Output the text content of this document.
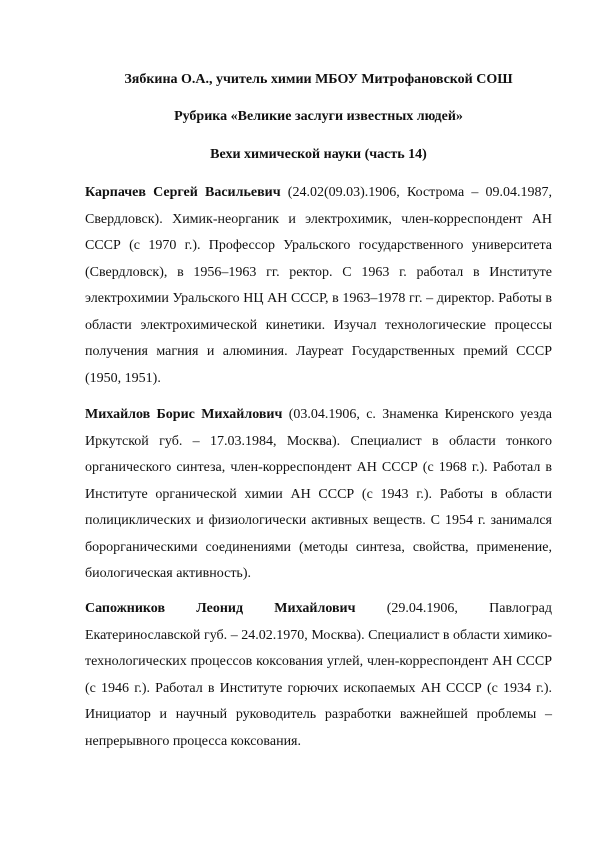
Зябкина О.А., учитель химии МБОУ Митрофановской СОШ
Рубрика «Великие заслуги известных людей»
Вехи химической науки (часть 14)
Карпачев Сергей Васильевич (24.02(09.03).1906, Кострома – 09.04.1987, Свердловск). Химик-неорганик и электрохимик, член-корреспондент АН СССР (с 1970 г.). Профессор Уральского государственного университета (Свердловск), в 1956–1963 гг. ректор. С 1963 г. работал в Институте электрохимии Уральского НЦ АН СССР, в 1963–1978 гг. – директор. Работы в области электрохимической кинетики. Изучал технологические процессы получения магния и алюминия. Лауреат Государственных премий СССР (1950, 1951).
Михайлов Борис Михайлович (03.04.1906, с. Знаменка Киренского уезда Иркутской губ. – 17.03.1984, Москва). Специалист в области тонкого органического синтеза, член-корреспондент АН СССР (с 1968 г.). Работал в Институте органической химии АН СССР (с 1943 г.). Работы в области полициклических и физиологически активных веществ. С 1954 г. занимался борорганическими соединениями (методы синтеза, свойства, применение, биологическая активность).
Сапожников Леонид Михайлович (29.04.1906, Павлоград Екатеринославской губ. – 24.02.1970, Москва). Специалист в области химико-технологических процессов коксования углей, член-корреспондент АН СССР (с 1946 г.). Работал в Институте горючих ископаемых АН СССР (с 1934 г.). Инициатор и научный руководитель разработки важнейшей проблемы – непрерывного процесса коксования.
